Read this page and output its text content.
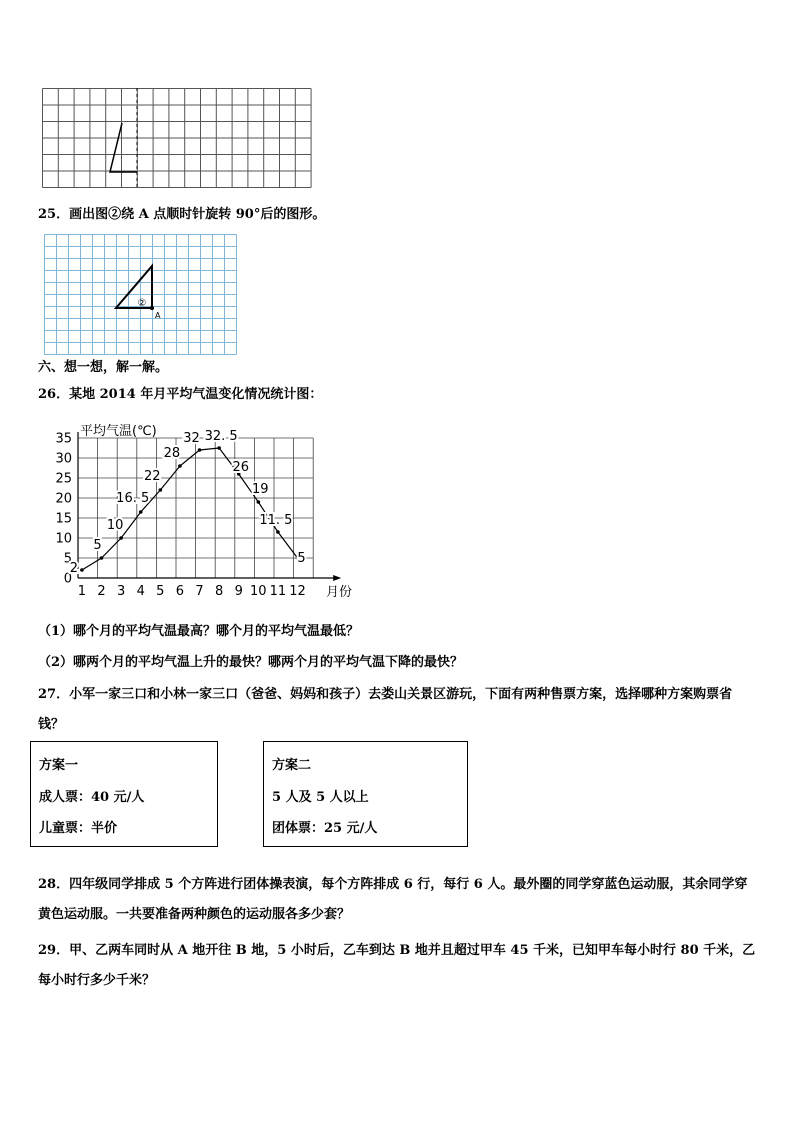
25．画出图②绕 A 点顺时针旋转 90°后的图形。
②
A
六、想一想，解一解。
26．某地 2014 年月平均气温变化情况统计图：
0
5
10
15
20
25
30
35
1 2 3 4 5 6 7 8 9 10 11 12
2
5
10
16. 5
22
28
32 32. 5
26
19
11. 5
5
平均气温(℃)
月份
（1）哪个月的平均气温最高？哪个月的平均气温最低？
（2）哪两个月的平均气温上升的最快？哪两个月的平均气温下降的最快？
27．小军一家三口和小林一家三口（爸爸、妈妈和孩子）去娄山关景区游玩，下面有两种售票方案，选择哪种方案购票省钱？
方案一
成人票：40 元/人
儿童票：半价
方案二
5 人及 5 人以上
团体票：25 元/人
28．四年级同学排成 5 个方阵进行团体操表演，每个方阵排成 6 行，每行 6 人。最外圈的同学穿蓝色运动服，其余同学穿黄色运动服。一共要准备两种颜色的运动服各多少套？
29．甲、乙两车同时从 A 地开往 B 地，5 小时后，乙车到达 B 地并且超过甲车 45 千米，已知甲车每小时行 80 千米，乙每小时行多少千米？
